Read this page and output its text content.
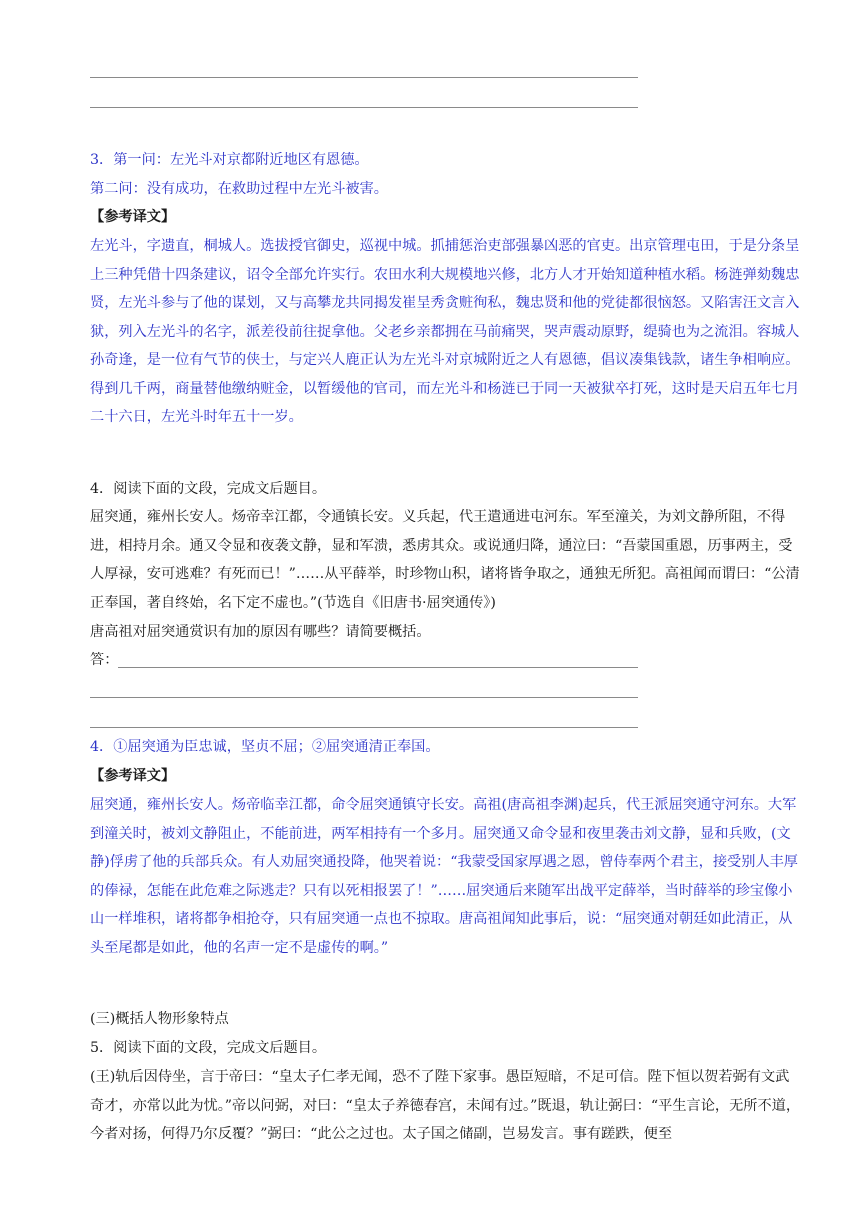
3．第一问：左光斗对京都附近地区有恩德。

第二问：没有成功，在救助过程中左光斗被害。

【参考译文】

左光斗，字遗直，桐城人。选拔授官御史，巡视中城。抓捕惩治吏部强暴凶恶的官吏。出京管理屯田，于是分条呈上三种凭借十四条建议，诏令全部允许实行。农田水利大规模地兴修，北方人才开始知道种植水稻。杨涟弹劾魏忠贤，左光斗参与了他的谋划，又与高攀龙共同揭发崔呈秀贪赃徇私，魏忠贤和他的党徒都很恼怒。又陷害汪文言入狱，列入左光斗的名字，派差役前往捉拿他。父老乡亲都拥在马前痛哭，哭声震动原野，缇骑也为之流泪。容城人孙奇逢，是一位有气节的侠士，与定兴人鹿正认为左光斗对京城附近之人有恩德，倡议凑集钱款，诸生争相响应。得到几千两，商量替他缴纳赃金，以暂缓他的官司，而左光斗和杨涟已于同一天被狱卒打死，这时是天启五年七月二十六日，左光斗时年五十一岁。

4．阅读下面的文段，完成文后题目。

屈突通，雍州长安人。炀帝幸江都，令通镇长安。义兵起，代王遣通进屯河东。军至潼关，为刘文静所阻，不得进，相持月余。通又令显和夜袭文静，显和军溃，悉虏其众。或说通归降，通泣曰：“吾蒙国重恩，历事两主，受人厚禄，安可逃难？有死而已！”……从平薛举，时珍物山积，诸将皆争取之，通独无所犯。高祖闻而谓曰：“公清正奉国，著自终始，名下定不虚也。”(节选自《旧唐书·屈突通传》)

唐高祖对屈突通赏识有加的原因有哪些？请简要概括。

答：

4．①屈突通为臣忠诚，坚贞不屈；②屈突通清正奉国。

【参考译文】

屈突通，雍州长安人。炀帝临幸江都，命令屈突通镇守长安。高祖(唐高祖李渊)起兵，代王派屈突通守河东。大军到潼关时，被刘文静阻止，不能前进，两军相持有一个多月。屈突通又命令显和夜里袭击刘文静，显和兵败，(文静)俘虏了他的兵部兵众。有人劝屈突通投降，他哭着说：“我蒙受国家厚遇之恩，曾侍奉两个君主，接受别人丰厚的俸禄，怎能在此危难之际逃走？只有以死相报罢了！”……屈突通后来随军出战平定薛举，当时薛举的珍宝像小山一样堆积，诸将都争相抢夺，只有屈突通一点也不掠取。唐高祖闻知此事后，说：“屈突通对朝廷如此清正，从头至尾都是如此，他的名声一定不是虚传的啊。”

(三)概括人物形象特点

5．阅读下面的文段，完成文后题目。

(王)轨后因侍坐，言于帝曰：“皇太子仁孝无闻，恐不了陛下家事。愚臣短暗，不足可信。陛下恒以贺若弼有文武奇才，亦常以此为忧。”帝以问弼，对曰：“皇太子养德春宫，未闻有过。”既退，轨让弼曰：“平生言论，无所不道，今者对扬，何得乃尔反覆？”弼曰：“此公之过也。太子国之储副，岂易发言。事有蹉跌，便至
